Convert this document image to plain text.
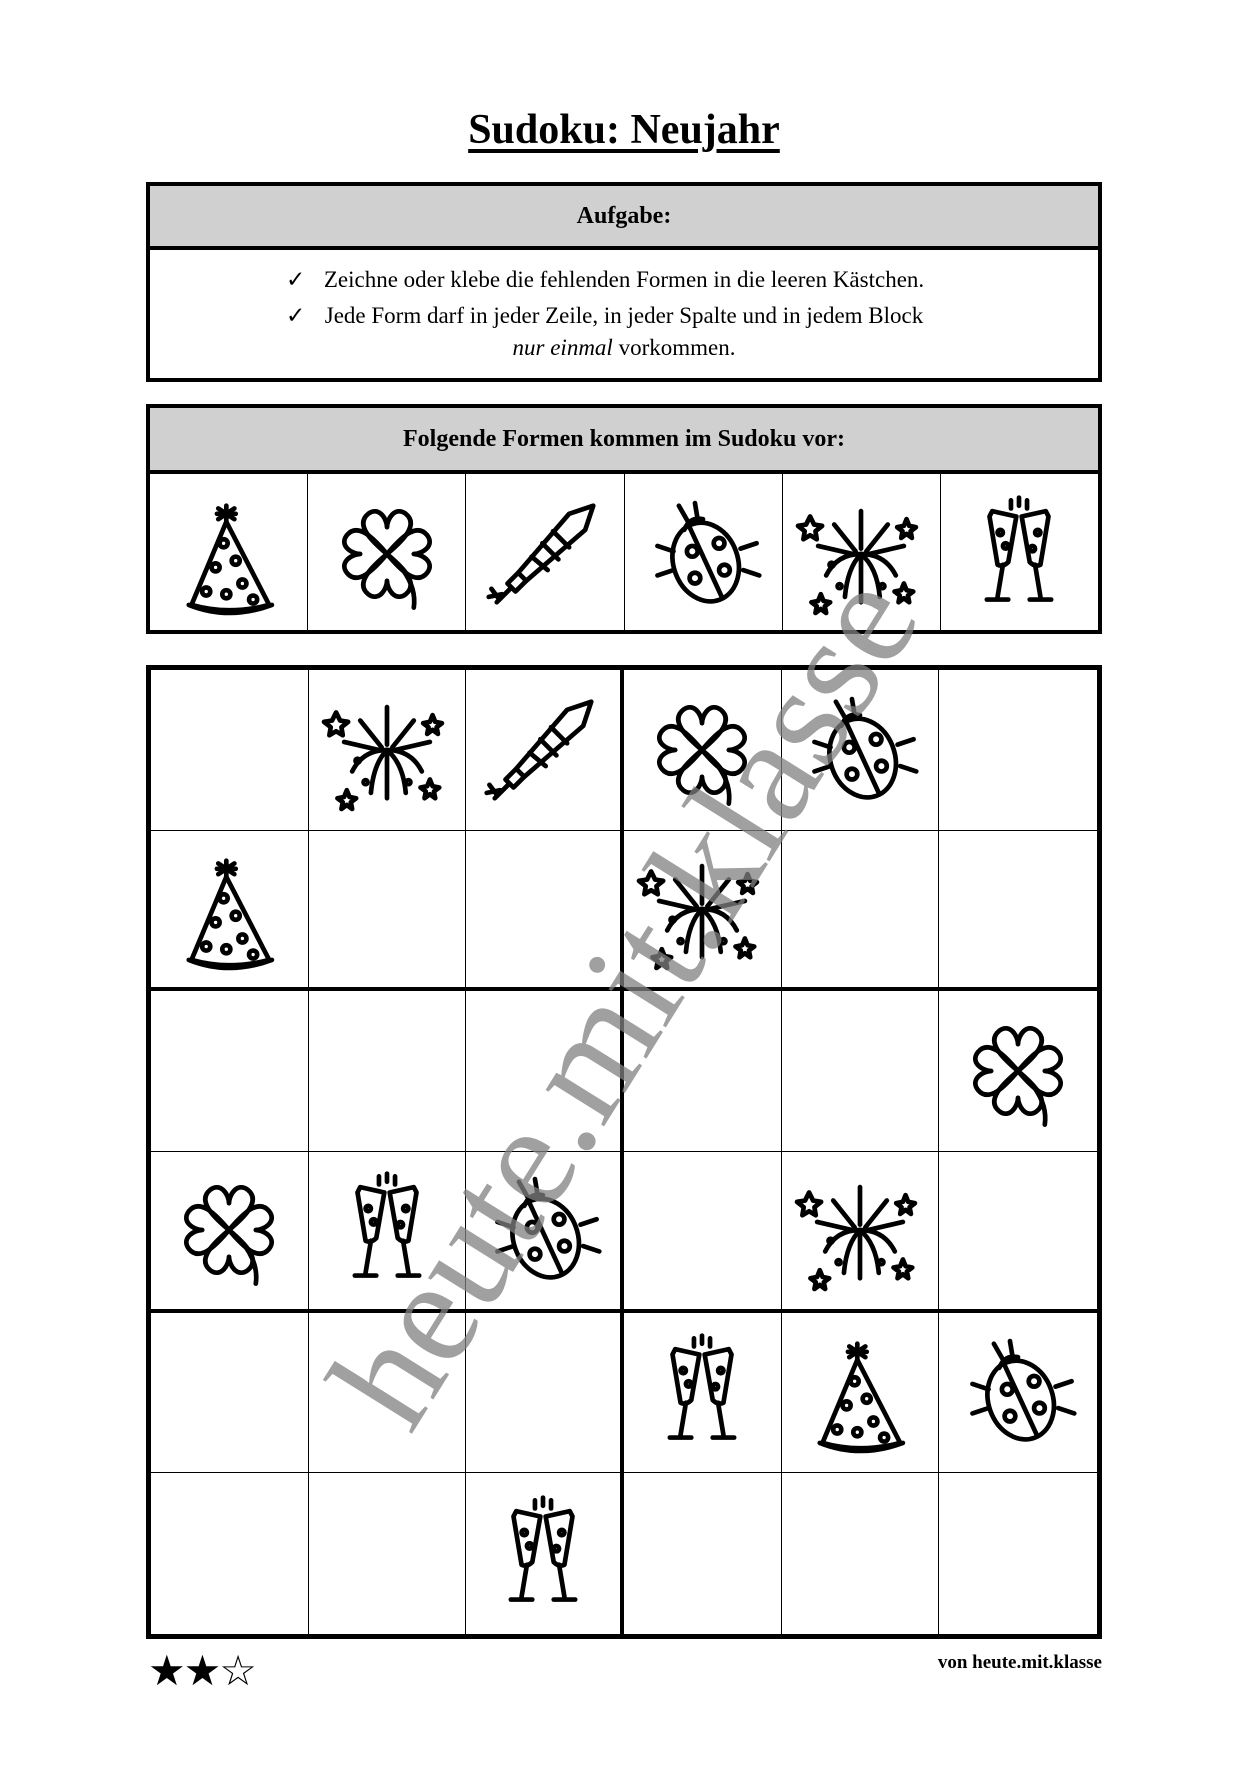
Sudoku: Neujahr
Aufgabe:
✓ Zeichne oder klebe die fehlenden Formen in die leeren Kästchen.
✓ Jede Form darf in jeder Zeile, in jeder Spalte und in jedem Block
nur einmal vorkommen.
Folgende Formen kommen im Sudoku vor:
★★☆	von heute.mit.klasse
heute.mit.klasse
